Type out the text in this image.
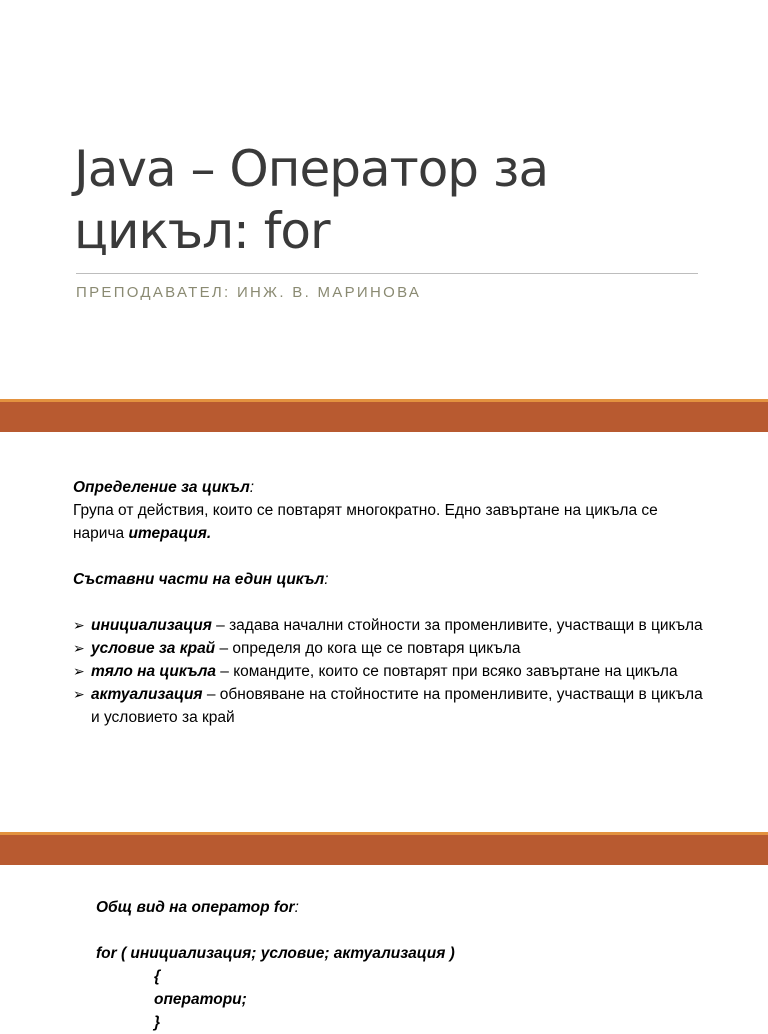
Java – Оператор за цикъл: for
ПРЕПОДАВАТЕЛ: ИНЖ. В. МАРИНОВА

Определение за цикъл:

Група от действия, които се повтарят многократно. Едно завъртане на цикъла се нарича итерация.

Съставни части на един цикъл:

➢ инициализация – задава начални стойности за променливите, участващи в цикъла
➢ условие за край – определя до кога ще се повтаря цикъла
➢ тяло на цикъла – командите, които се повтарят при всяко завъртане на цикъла
➢ актуализация – обновяване на стойностите на променливите, участващи в цикъла и условието за край

Общ вид на оператор for:

for ( инициализация; условие; актуализация )

{

оператори;

}
